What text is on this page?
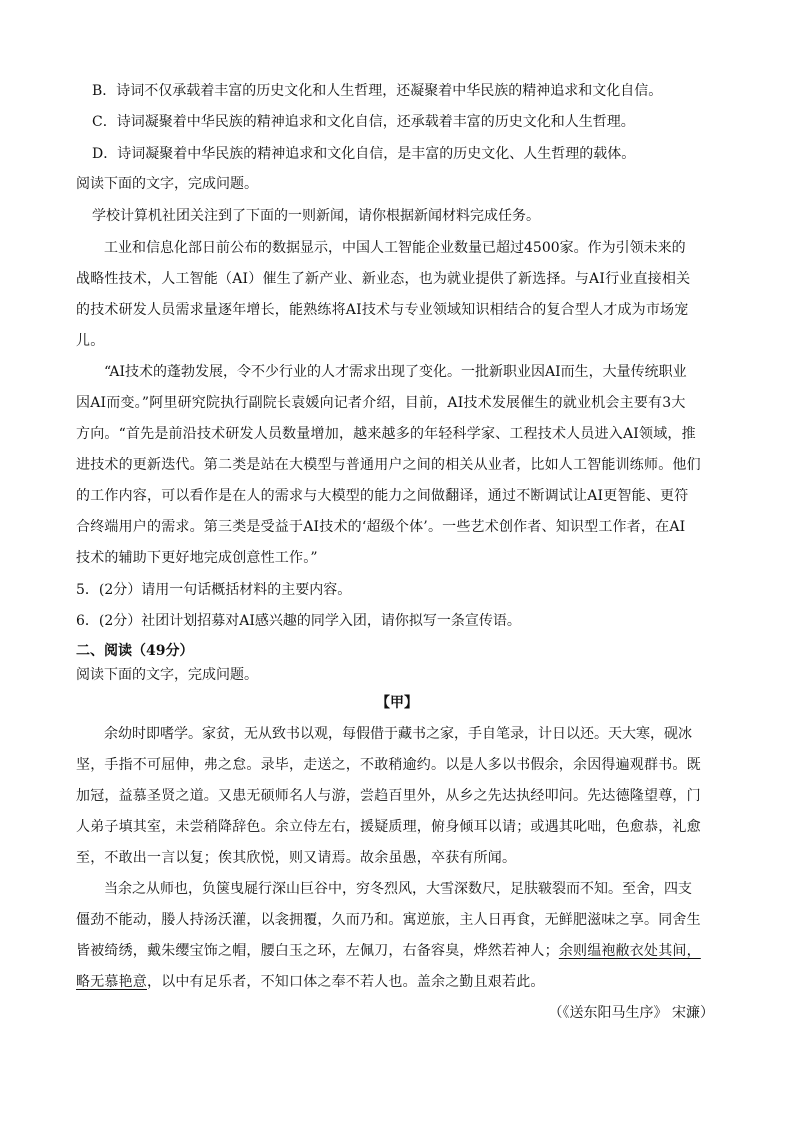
B．诗词不仅承载着丰富的历史文化和人生哲理，还凝聚着中华民族的精神追求和文化自信。
C．诗词凝聚着中华民族的精神追求和文化自信，还承载着丰富的历史文化和人生哲理。
D．诗词凝聚着中华民族的精神追求和文化自信，是丰富的历史文化、人生哲理的载体。
阅读下面的文字，完成问题。
学校计算机社团关注到了下面的一则新闻，请你根据新闻材料完成任务。
工业和信息化部日前公布的数据显示，中国人工智能企业数量已超过4500家。作为引领未来的
战略性技术，人工智能（AI）催生了新产业、新业态，也为就业提供了新选择。与AI行业直接相关
的技术研发人员需求量逐年增长，能熟练将AI技术与专业领域知识相结合的复合型人才成为市场宠
儿。
“AI技术的蓬勃发展，令不少行业的人才需求出现了变化。一批新职业因AI而生，大量传统职业
因AI而变。”阿里研究院执行副院长袁媛向记者介绍，目前，AI技术发展催生的就业机会主要有3大
方向。“首先是前沿技术研发人员数量增加，越来越多的年轻科学家、工程技术人员进入AI领域，推
进技术的更新迭代。第二类是站在大模型与普通用户之间的相关从业者，比如人工智能训练师。他们
的工作内容，可以看作是在人的需求与大模型的能力之间做翻译，通过不断调试让AI更智能、更符
合终端用户的需求。第三类是受益于AI技术的‘超级个体’。一些艺术创作者、知识型工作者，在AI
技术的辅助下更好地完成创意性工作。”
5．(2分）请用一句话概括材料的主要内容。
6．(2分）社团计划招募对AI感兴趣的同学入团，请你拟写一条宣传语。
二、阅读（49分）
阅读下面的文字，完成问题。
【甲】
余幼时即嗜学。家贫，无从致书以观，每假借于藏书之家，手自笔录，计日以还。天大寒，砚冰
坚，手指不可屈伸，弗之怠。录毕，走送之，不敢稍逾约。以是人多以书假余，余因得遍观群书。既
加冠，益慕圣贤之道。又患无硕师名人与游，尝趋百里外，从乡之先达执经叩问。先达德隆望尊，门
人弟子填其室，未尝稍降辞色。余立侍左右，援疑质理，俯身倾耳以请；或遇其叱咄，色愈恭，礼愈
至，不敢出一言以复；俟其欣悦，则又请焉。故余虽愚，卒获有所闻。
当余之从师也，负箧曳屣行深山巨谷中，穷冬烈风，大雪深数尺，足肤皲裂而不知。至舍，四支
僵劲不能动，媵人持汤沃灌，以衾拥覆，久而乃和。寓逆旅，主人日再食，无鲜肥滋味之享。同舍生
皆被绮绣，戴朱缨宝饰之帽，腰白玉之环，左佩刀，右备容臭，烨然若神人；余则缊袍敝衣处其间，
略无慕艳意，以中有足乐者，不知口体之奉不若人也。盖余之勤且艰若此。
（《送东阳马生序》 宋濂）
